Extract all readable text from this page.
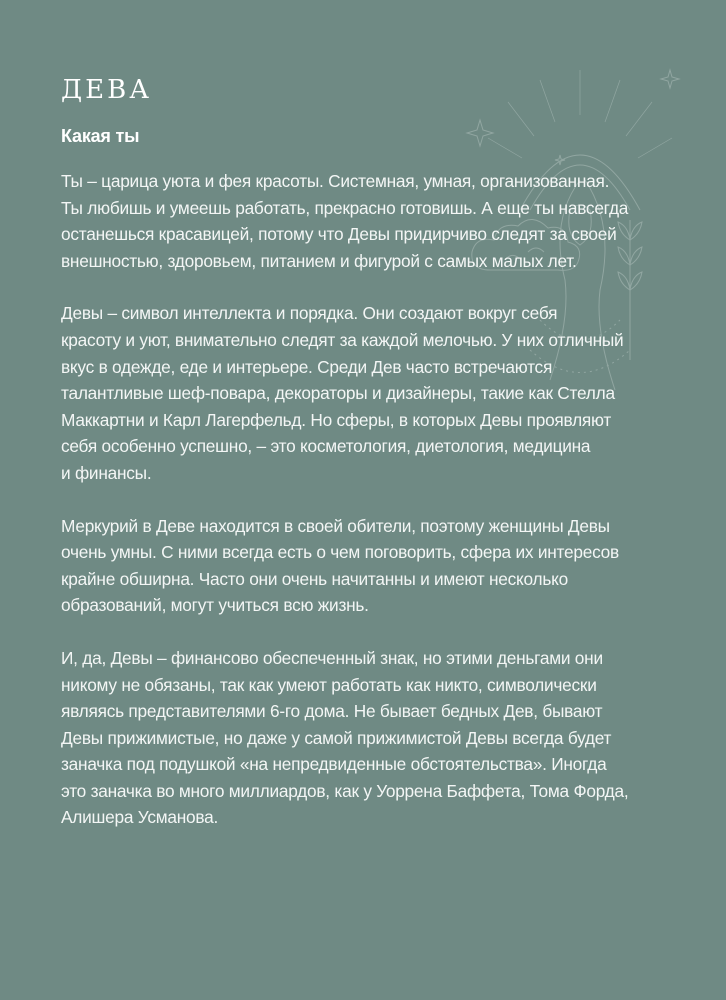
ДЕВА
Какая ты

Ты – царица уюта и фея красоты. Системная, умная, организованная.
Ты любишь и умеешь работать, прекрасно готовишь. А еще ты навсегда
останешься красавицей, потому что Девы придирчиво следят за своей
внешностью, здоровьем, питанием и фигурой с самых малых лет.

Девы – символ интеллекта и порядка. Они создают вокруг себя
красоту и уют, внимательно следят за каждой мелочью. У них отличный
вкус в одежде, еде и интерьере. Среди Дев часто встречаются
талантливые шеф-повара, декораторы и дизайнеры, такие как Стелла
Маккартни и Карл Лагерфельд. Но сферы, в которых Девы проявляют
себя особенно успешно, – это косметология, диетология, медицина
и финансы.

Меркурий в Деве находится в своей обители, поэтому женщины Девы
очень умны. С ними всегда есть о чем поговорить, сфера их интересов
крайне обширна. Часто они очень начитанны и имеют несколько
образований, могут учиться всю жизнь.

И, да, Девы – финансово обеспеченный знак, но этими деньгами они
никому не обязаны, так как умеют работать как никто, символически
являясь представителями 6-го дома. Не бывает бедных Дев, бывают
Девы прижимистые, но даже у самой прижимистой Девы всегда будет
заначка под подушкой «на непредвиденные обстоятельства». Иногда
это заначка во много миллиардов, как у Уоррена Баффета, Тома Форда,
Алишера Усманова.
